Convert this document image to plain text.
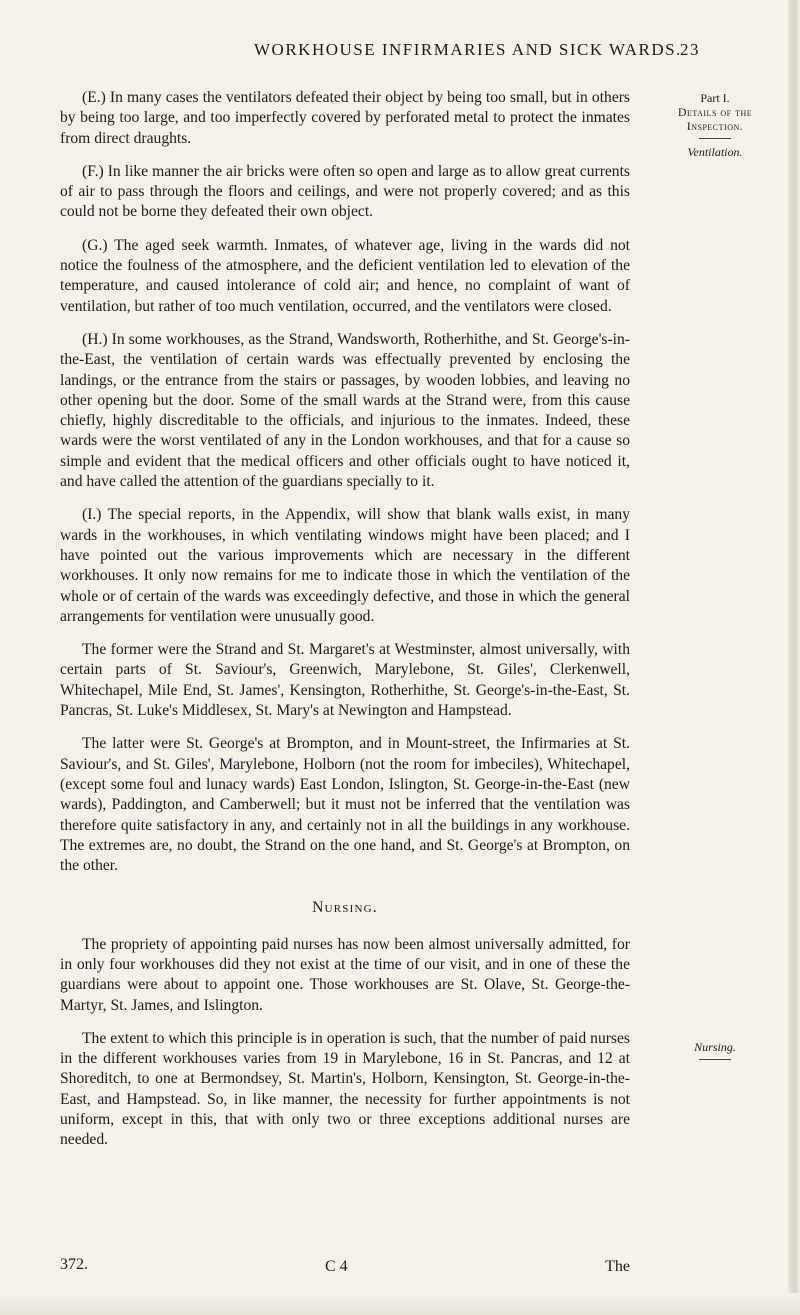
WORKHOUSE INFIRMARIES AND SICK WARDS.
23
Part I.
Details of the
Inspection.
Ventilation.
Nursing.

(E.) In many cases the ventilators defeated their object by being too small, but in others by being too large, and too imperfectly covered by perforated metal to protect the inmates from direct draughts.

(F.) In like manner the air bricks were often so open and large as to allow great currents of air to pass through the floors and ceilings, and were not properly covered; and as this could not be borne they defeated their own object.

(G.) The aged seek warmth. Inmates, of whatever age, living in the wards did not notice the foulness of the atmosphere, and the deficient ventilation led to elevation of the temperature, and caused intolerance of cold air; and hence, no complaint of want of ventilation, but rather of too much ventilation, occurred, and the ventilators were closed.

(H.) In some workhouses, as the Strand, Wandsworth, Rotherhithe, and St. George's-in-the-East, the ventilation of certain wards was effectually prevented by enclosing the landings, or the entrance from the stairs or passages, by wooden lobbies, and leaving no other opening but the door. Some of the small wards at the Strand were, from this cause chiefly, highly discreditable to the officials, and injurious to the inmates. Indeed, these wards were the worst ventilated of any in the London workhouses, and that for a cause so simple and evident that the medical officers and other officials ought to have noticed it, and have called the attention of the guardians specially to it.

(I.) The special reports, in the Appendix, will show that blank walls exist, in many wards in the workhouses, in which ventilating windows might have been placed; and I have pointed out the various improvements which are necessary in the different workhouses. It only now remains for me to indicate those in which the ventilation of the whole or of certain of the wards was exceedingly defective, and those in which the general arrangements for ventilation were unusually good.

The former were the Strand and St. Margaret's at Westminster, almost universally, with certain parts of St. Saviour's, Greenwich, Marylebone, St. Giles', Clerkenwell, Whitechapel, Mile End, St. James', Kensington, Rotherhithe, St. George's-in-the-East, St. Pancras, St. Luke's Middlesex, St. Mary's at Newington and Hampstead.

The latter were St. George's at Brompton, and in Mount-street, the Infirmaries at St. Saviour's, and St. Giles', Marylebone, Holborn (not the room for imbeciles), Whitechapel, (except some foul and lunacy wards) East London, Islington, St. George-in-the-East (new wards), Paddington, and Camberwell; but it must not be inferred that the ventilation was therefore quite satisfactory in any, and certainly not in all the buildings in any workhouse. The extremes are, no doubt, the Strand on the one hand, and St. George's at Brompton, on the other.

Nursing.

The propriety of appointing paid nurses has now been almost universally admitted, for in only four workhouses did they not exist at the time of our visit, and in one of these the guardians were about to appoint one. Those workhouses are St. Olave, St. George-the-Martyr, St. James, and Islington.

The extent to which this principle is in operation is such, that the number of paid nurses in the different workhouses varies from 19 in Marylebone, 16 in St. Pancras, and 12 at Shoreditch, to one at Bermondsey, St. Martin's, Holborn, Kensington, St. George-in-the-East, and Hampstead. So, in like manner, the necessity for further appointments is not uniform, except in this, that with only two or three exceptions additional nurses are needed.

372.	C 4	The
